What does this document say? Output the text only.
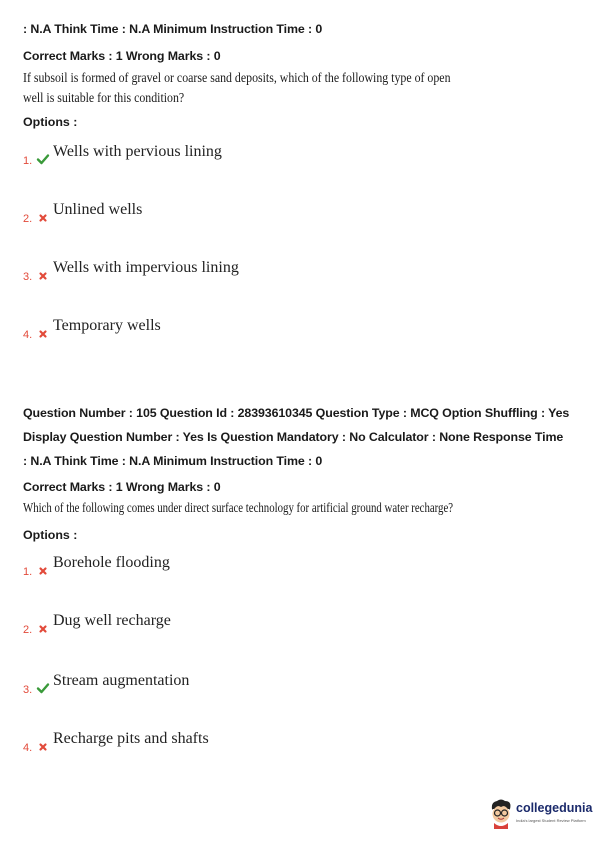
: N.A Think Time : N.A Minimum Instruction Time : 0
Correct Marks : 1 Wrong Marks : 0
If subsoil is formed of gravel or coarse sand deposits, which of the following type of open
well is suitable for this condition?
Options :
1.
Wells with pervious lining
2.
Unlined wells
3.
Wells with impervious lining
4.
Temporary wells
Question Number : 105 Question Id : 28393610345 Question Type : MCQ Option Shuffling : Yes
Display Question Number : Yes Is Question Mandatory : No Calculator : None Response Time
: N.A Think Time : N.A Minimum Instruction Time : 0
Correct Marks : 1 Wrong Marks : 0
Which of the following comes under direct surface technology for artificial ground water recharge?
Options :
1.
Borehole flooding
2.
Dug well recharge
3.
Stream augmentation
4.
Recharge pits and shafts
collegedunia
India's largest Student Review Platform
